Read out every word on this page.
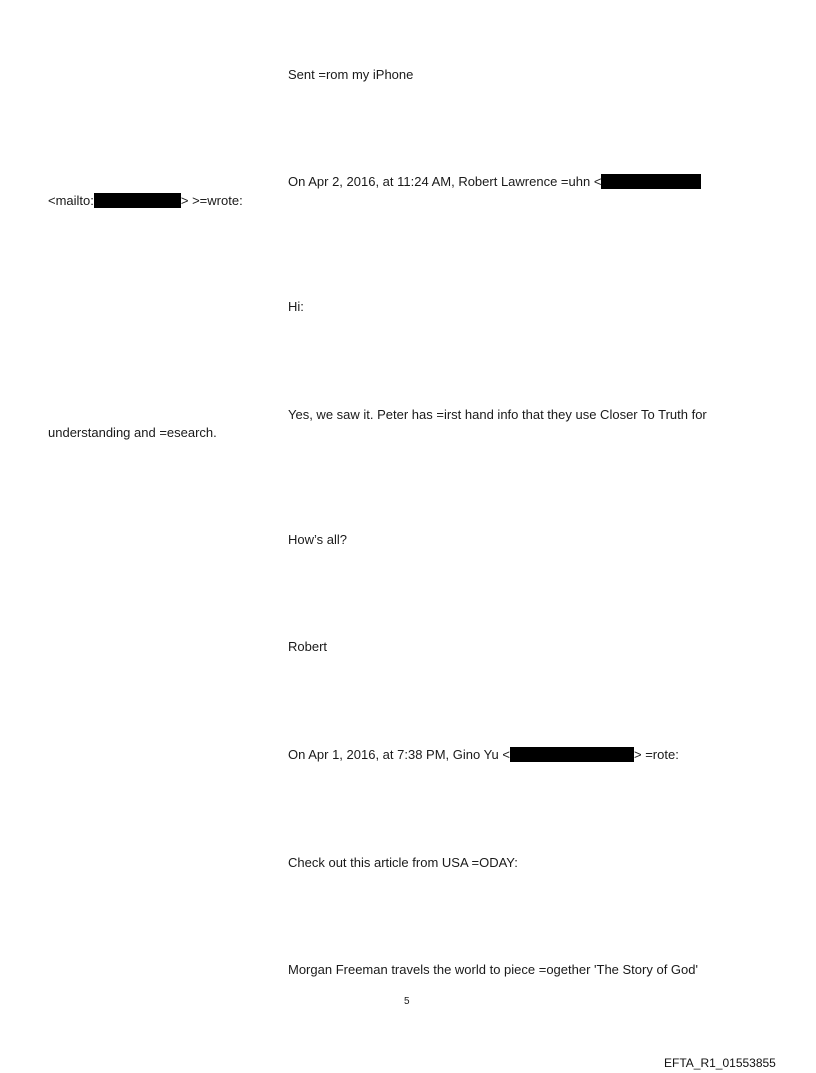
Sent =rom my iPhone
On Apr 2, 2016, at 11:24 AM, Robert Lawrence =uhn <
<mailto:	> >=wrote:
Hi:
Yes, we saw it. Peter has =irst hand info that they use Closer To Truth for
understanding and =esearch.
How’s all?
Robert
On Apr 1, 2016, at 7:38 PM, Gino Yu <	> =rote:
Check out this article from USA =ODAY:
Morgan Freeman travels the world to piece =ogether 'The Story of God'
5
EFTA_R1_01553855
